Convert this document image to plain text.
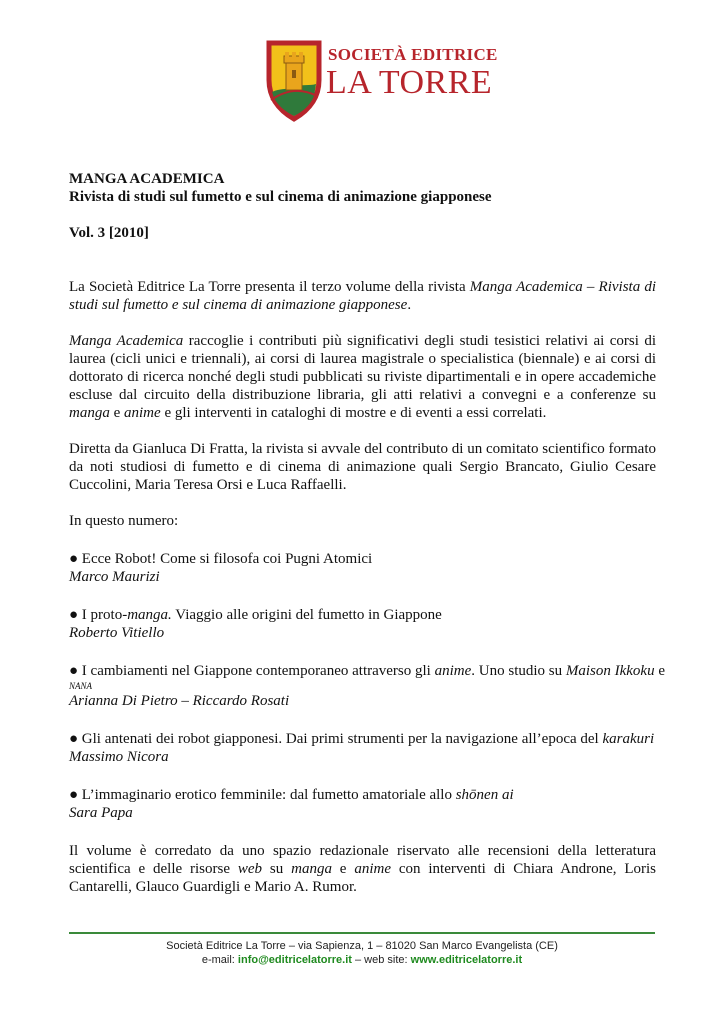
SOCIETÀ EDITRICE
LA TORRE
MANGA ACADEMICA
Rivista di studi sul fumetto e sul cinema di animazione giapponese
Vol. 3 [2010]

La Società Editrice La Torre presenta il terzo volume della rivista Manga Academica – Rivista di studi sul fumetto e sul cinema di animazione giapponese.

Manga Academica raccoglie i contributi più significativi degli studi tesistici relativi ai corsi di laurea (cicli unici e triennali), ai corsi di laurea magistrale o specialistica (biennale) e ai corsi di dottorato di ricerca nonché degli studi pubblicati su riviste dipartimentali e in opere accademiche escluse dal circuito della distribuzione libraria, gli atti relativi a convegni e a conferenze su manga e anime e gli interventi in cataloghi di mostre e di eventi a essi correlati.

Diretta da Gianluca Di Fratta, la rivista si avvale del contributo di un comitato scientifico formato da noti studiosi di fumetto e di cinema di animazione quali Sergio Brancato, Giulio Cesare Cuccolini, Maria Teresa Orsi e Luca Raffaelli.

In questo numero:

● Ecce Robot! Come si filosofa coi Pugni Atomici
Marco Maurizi
● I proto-manga. Viaggio alle origini del fumetto in Giappone
Roberto Vitiello
● I cambiamenti nel Giappone contemporaneo attraverso gli anime. Uno studio su Maison Ikkoku e
NANA
Arianna Di Pietro – Riccardo Rosati
● Gli antenati dei robot giapponesi. Dai primi strumenti per la navigazione all’epoca del karakuri
Massimo Nicora
● L’immaginario erotico femminile: dal fumetto amatoriale allo shōnen ai
Sara Papa

Il volume è corredato da uno spazio redazionale riservato alle recensioni della letteratura scientifica e delle risorse web su manga e anime con interventi di Chiara Androne, Loris Cantarelli, Glauco Guardigli e Mario A. Rumor.

Società Editrice La Torre – via Sapienza, 1 – 81020 San Marco Evangelista (CE)
e-mail: info@editricelatorre.it – web site: www.editricelatorre.it
